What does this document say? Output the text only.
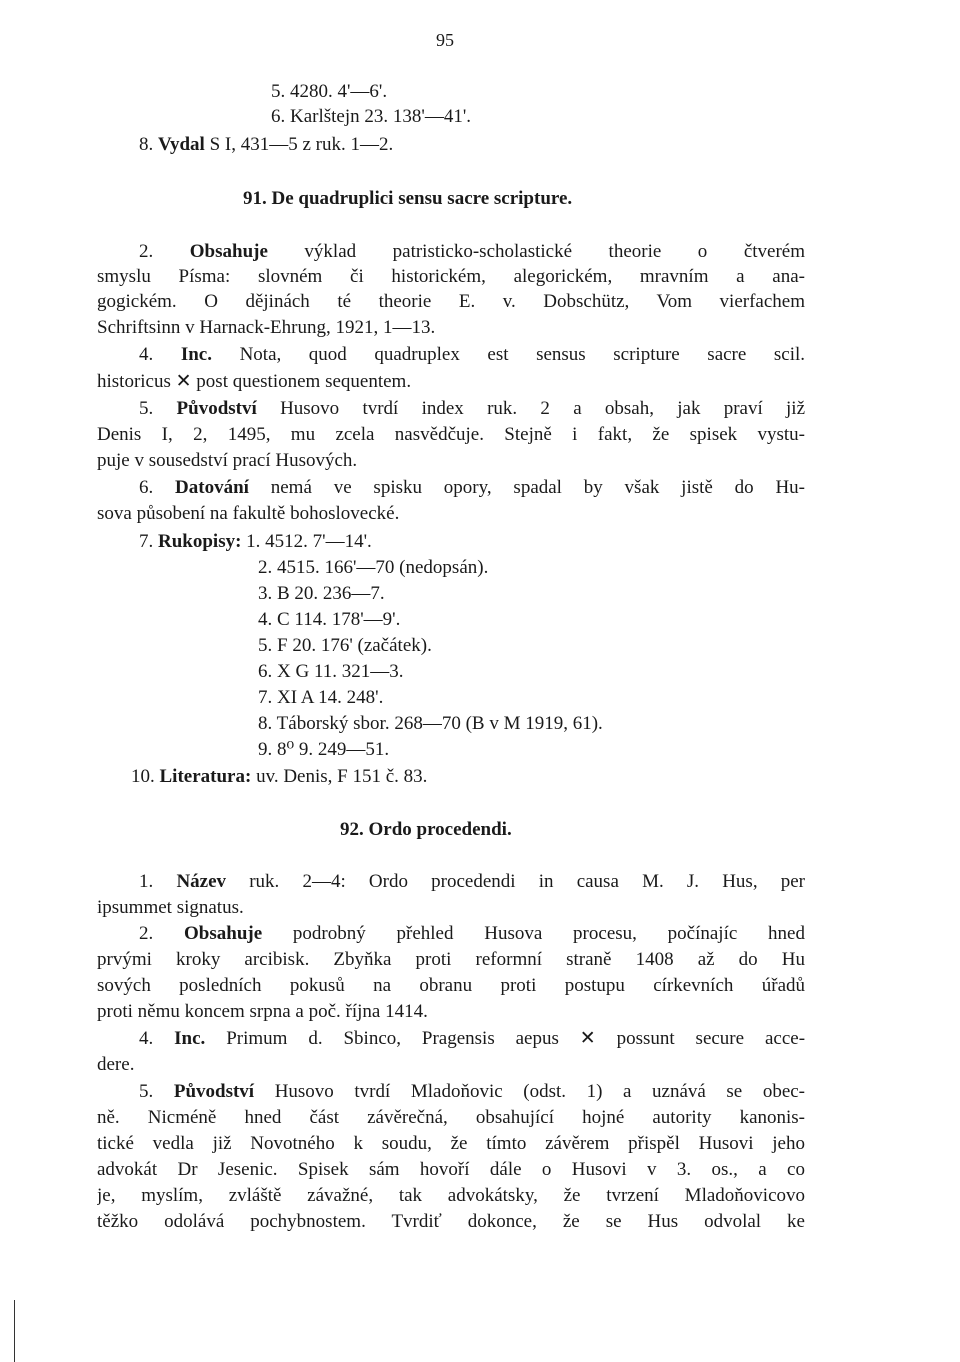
95
5. 4280. 4'—6'.
6. Karlštejn 23. 138'—41'.
8. Vydal S I, 431—5 z ruk. 1—2.
91. De quadruplici sensu sacre scripture.
2. Obsahuje výklad patristicko-scholastické theorie o čtverém
smyslu Písma: slovném či historickém, alegorickém, mravním a ana-
gogickém. O dějinách té theorie E. v. Dobschütz, Vom vierfachem
Schriftsinn v Harnack-Ehrung, 1921, 1—13.
4. Inc. Nota, quod quadruplex est sensus scripture sacre scil.
historicus ✕ post questionem sequentem.
5. Původství Husovo tvrdí index ruk. 2 a obsah, jak praví již
Denis I, 2, 1495, mu zcela nasvědčuje. Stejně i fakt, že spisek vystu-
puje v sousedství prací Husových.
6. Datování nemá ve spisku opory, spadal by však jistě do Hu-
sova působení na fakultě bohoslovecké.
7. Rukopisy: 1. 4512. 7'—14'.
2. 4515. 166'—70 (nedopsán).
3. B 20. 236—7.
4. C 114. 178'—9'.
5. F 20. 176' (začátek).
6. X G 11. 321—3.
7. XI A 14. 248'.
8. Táborský sbor. 268—70 (B v M 1919, 61).
9. 8⁰ 9. 249—51.
10. Literatura: uv. Denis, F 151 č. 83.
92. Ordo procedendi.
1. Název ruk. 2—4: Ordo procedendi in causa M. J. Hus, per
ipsummet signatus.
2. Obsahuje podrobný přehled Husova procesu, počínajíc hned
prvými kroky arcibisk. Zbyňka proti reformní straně 1408 až do Hu
sových posledních pokusů na obranu proti postupu církevních úřadů
proti němu koncem srpna a poč. října 1414.
4. Inc. Primum d. Sbinco, Pragensis aepus ✕ possunt secure acce-
dere.
5. Původství Husovo tvrdí Mladoňovic (odst. 1) a uznává se obec-
ně. Nicméně hned část závěrečná, obsahující hojné autority kanonis-
tické vedla již Novotného k soudu, že tímto závěrem přispěl Husovi jeho
advokát Dr Jesenic. Spisek sám hovoří dále o Husovi v 3. os., a co
je, myslím, zvláště závažné, tak advokátsky, že tvrzení Mladoňovicovo
těžko odolává pochybnostem. Tvrdiť dokonce, že se Hus odvolal ke
